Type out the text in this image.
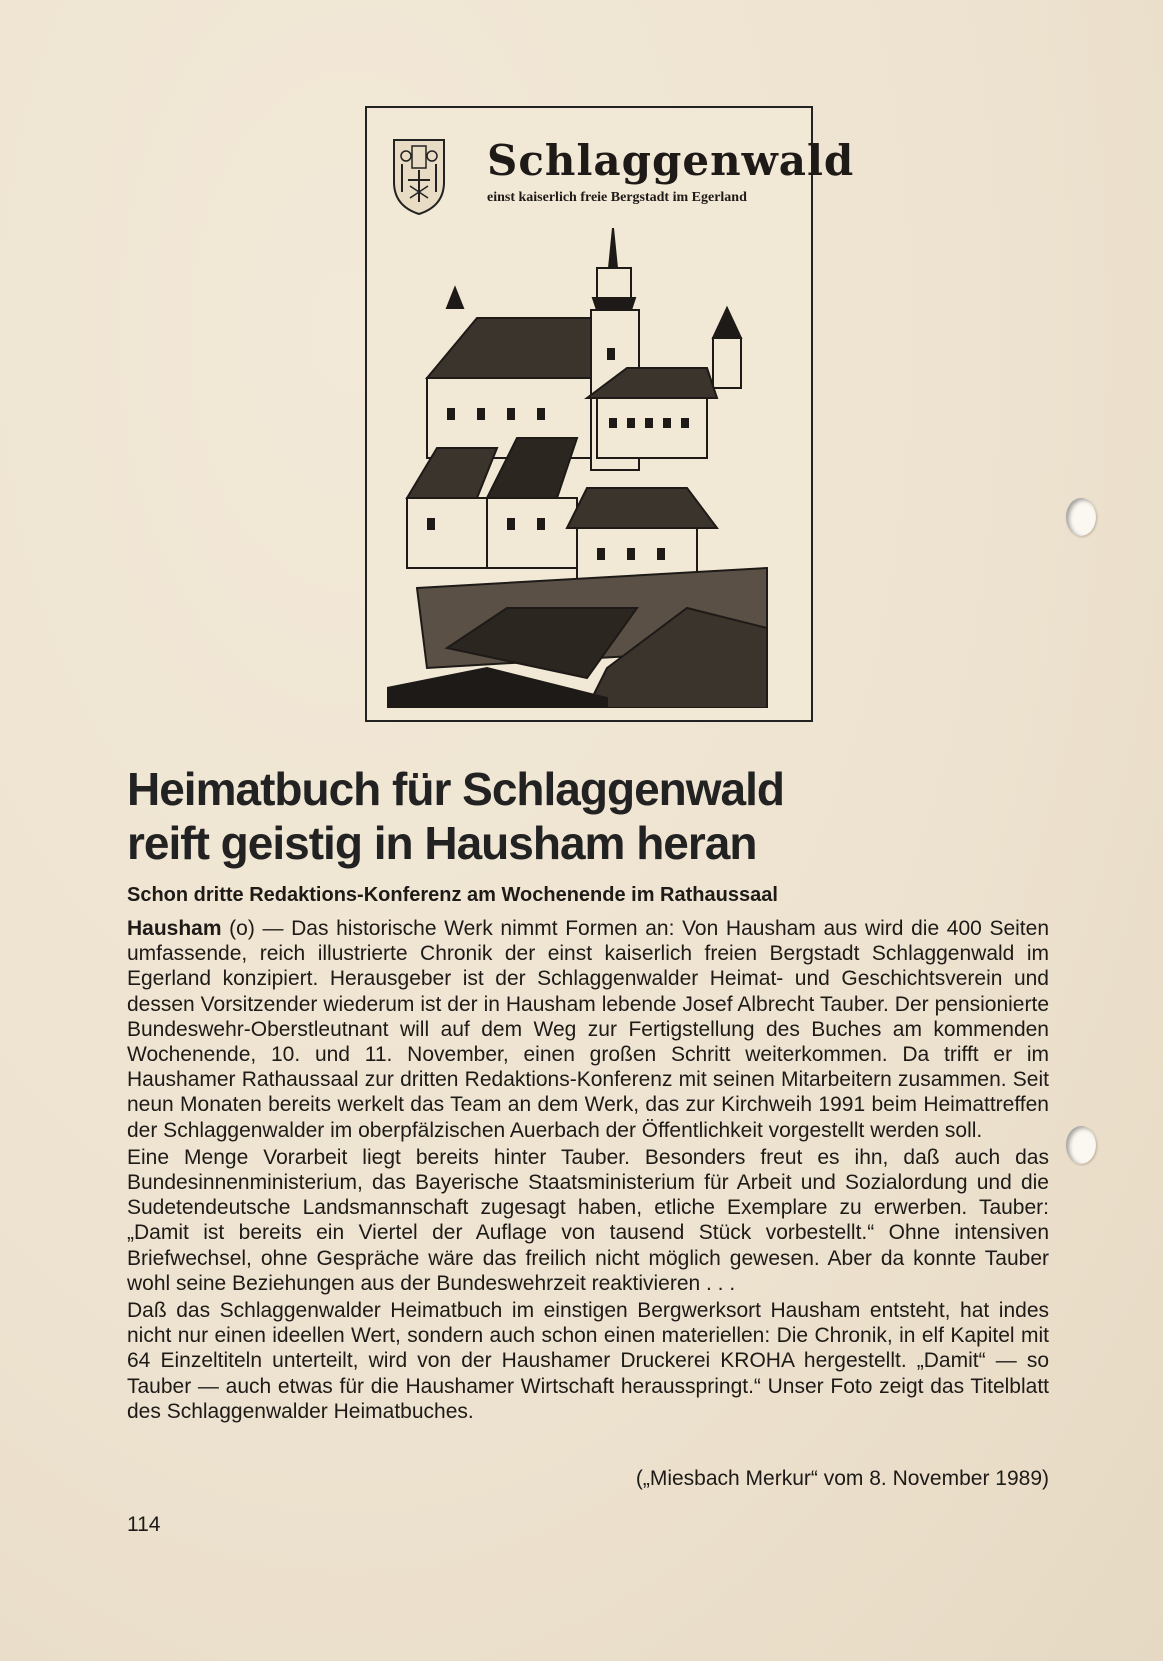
Schlaggenwald
einst kaiserlich freie Bergstadt im Egerland
Heimatbuch für Schlaggenwald
reift geistig in Hausham heran
Schon dritte Redaktions-Konferenz am Wochenende im Rathaussaal

Hausham (o) — Das historische Werk nimmt Formen an: Von Hausham aus wird die 400 Seiten umfassende, reich illustrierte Chronik der einst kaiserlich freien Bergstadt Schlaggenwald im Egerland konzipiert. Herausgeber ist der Schlaggenwalder Heimat- und Geschichtsverein und dessen Vorsitzender wiederum ist der in Hausham lebende Josef Albrecht Tauber. Der pensionierte Bundeswehr-Oberstleutnant will auf dem Weg zur Fertigstellung des Buches am kommenden Wochenende, 10. und 11. November, einen großen Schritt weiterkommen. Da trifft er im Haushamer Rathaussaal zur dritten Redaktions-Konferenz mit seinen Mitarbeitern zusammen. Seit neun Monaten bereits werkelt das Team an dem Werk, das zur Kirchweih 1991 beim Heimattreffen der Schlaggenwalder im oberpfälzischen Auerbach der Öffentlichkeit vorgestellt werden soll.

Eine Menge Vorarbeit liegt bereits hinter Tauber. Besonders freut es ihn, daß auch das Bundesinnenministerium, das Bayerische Staatsministerium für Arbeit und Sozialordung und die Sudetendeutsche Landsmannschaft zugesagt haben, etliche Exemplare zu erwerben. Tauber: „Damit ist bereits ein Viertel der Auflage von tausend Stück vorbestellt.“ Ohne intensiven Briefwechsel, ohne Gespräche wäre das freilich nicht möglich gewesen. Aber da konnte Tauber wohl seine Beziehungen aus der Bundeswehrzeit reaktivieren . . .

Daß das Schlaggenwalder Heimatbuch im einstigen Bergwerksort Hausham entsteht, hat indes nicht nur einen ideellen Wert, sondern auch schon einen materiellen: Die Chronik, in elf Kapitel mit 64 Einzeltiteln unterteilt, wird von der Haushamer Druckerei KROHA hergestellt. „Damit“ — so Tauber — auch etwas für die Haushamer Wirtschaft herausspringt.“ Unser Foto zeigt das Titelblatt des Schlaggenwalder Heimatbuches.

(„Miesbach Merkur“ vom 8. November 1989)
114
